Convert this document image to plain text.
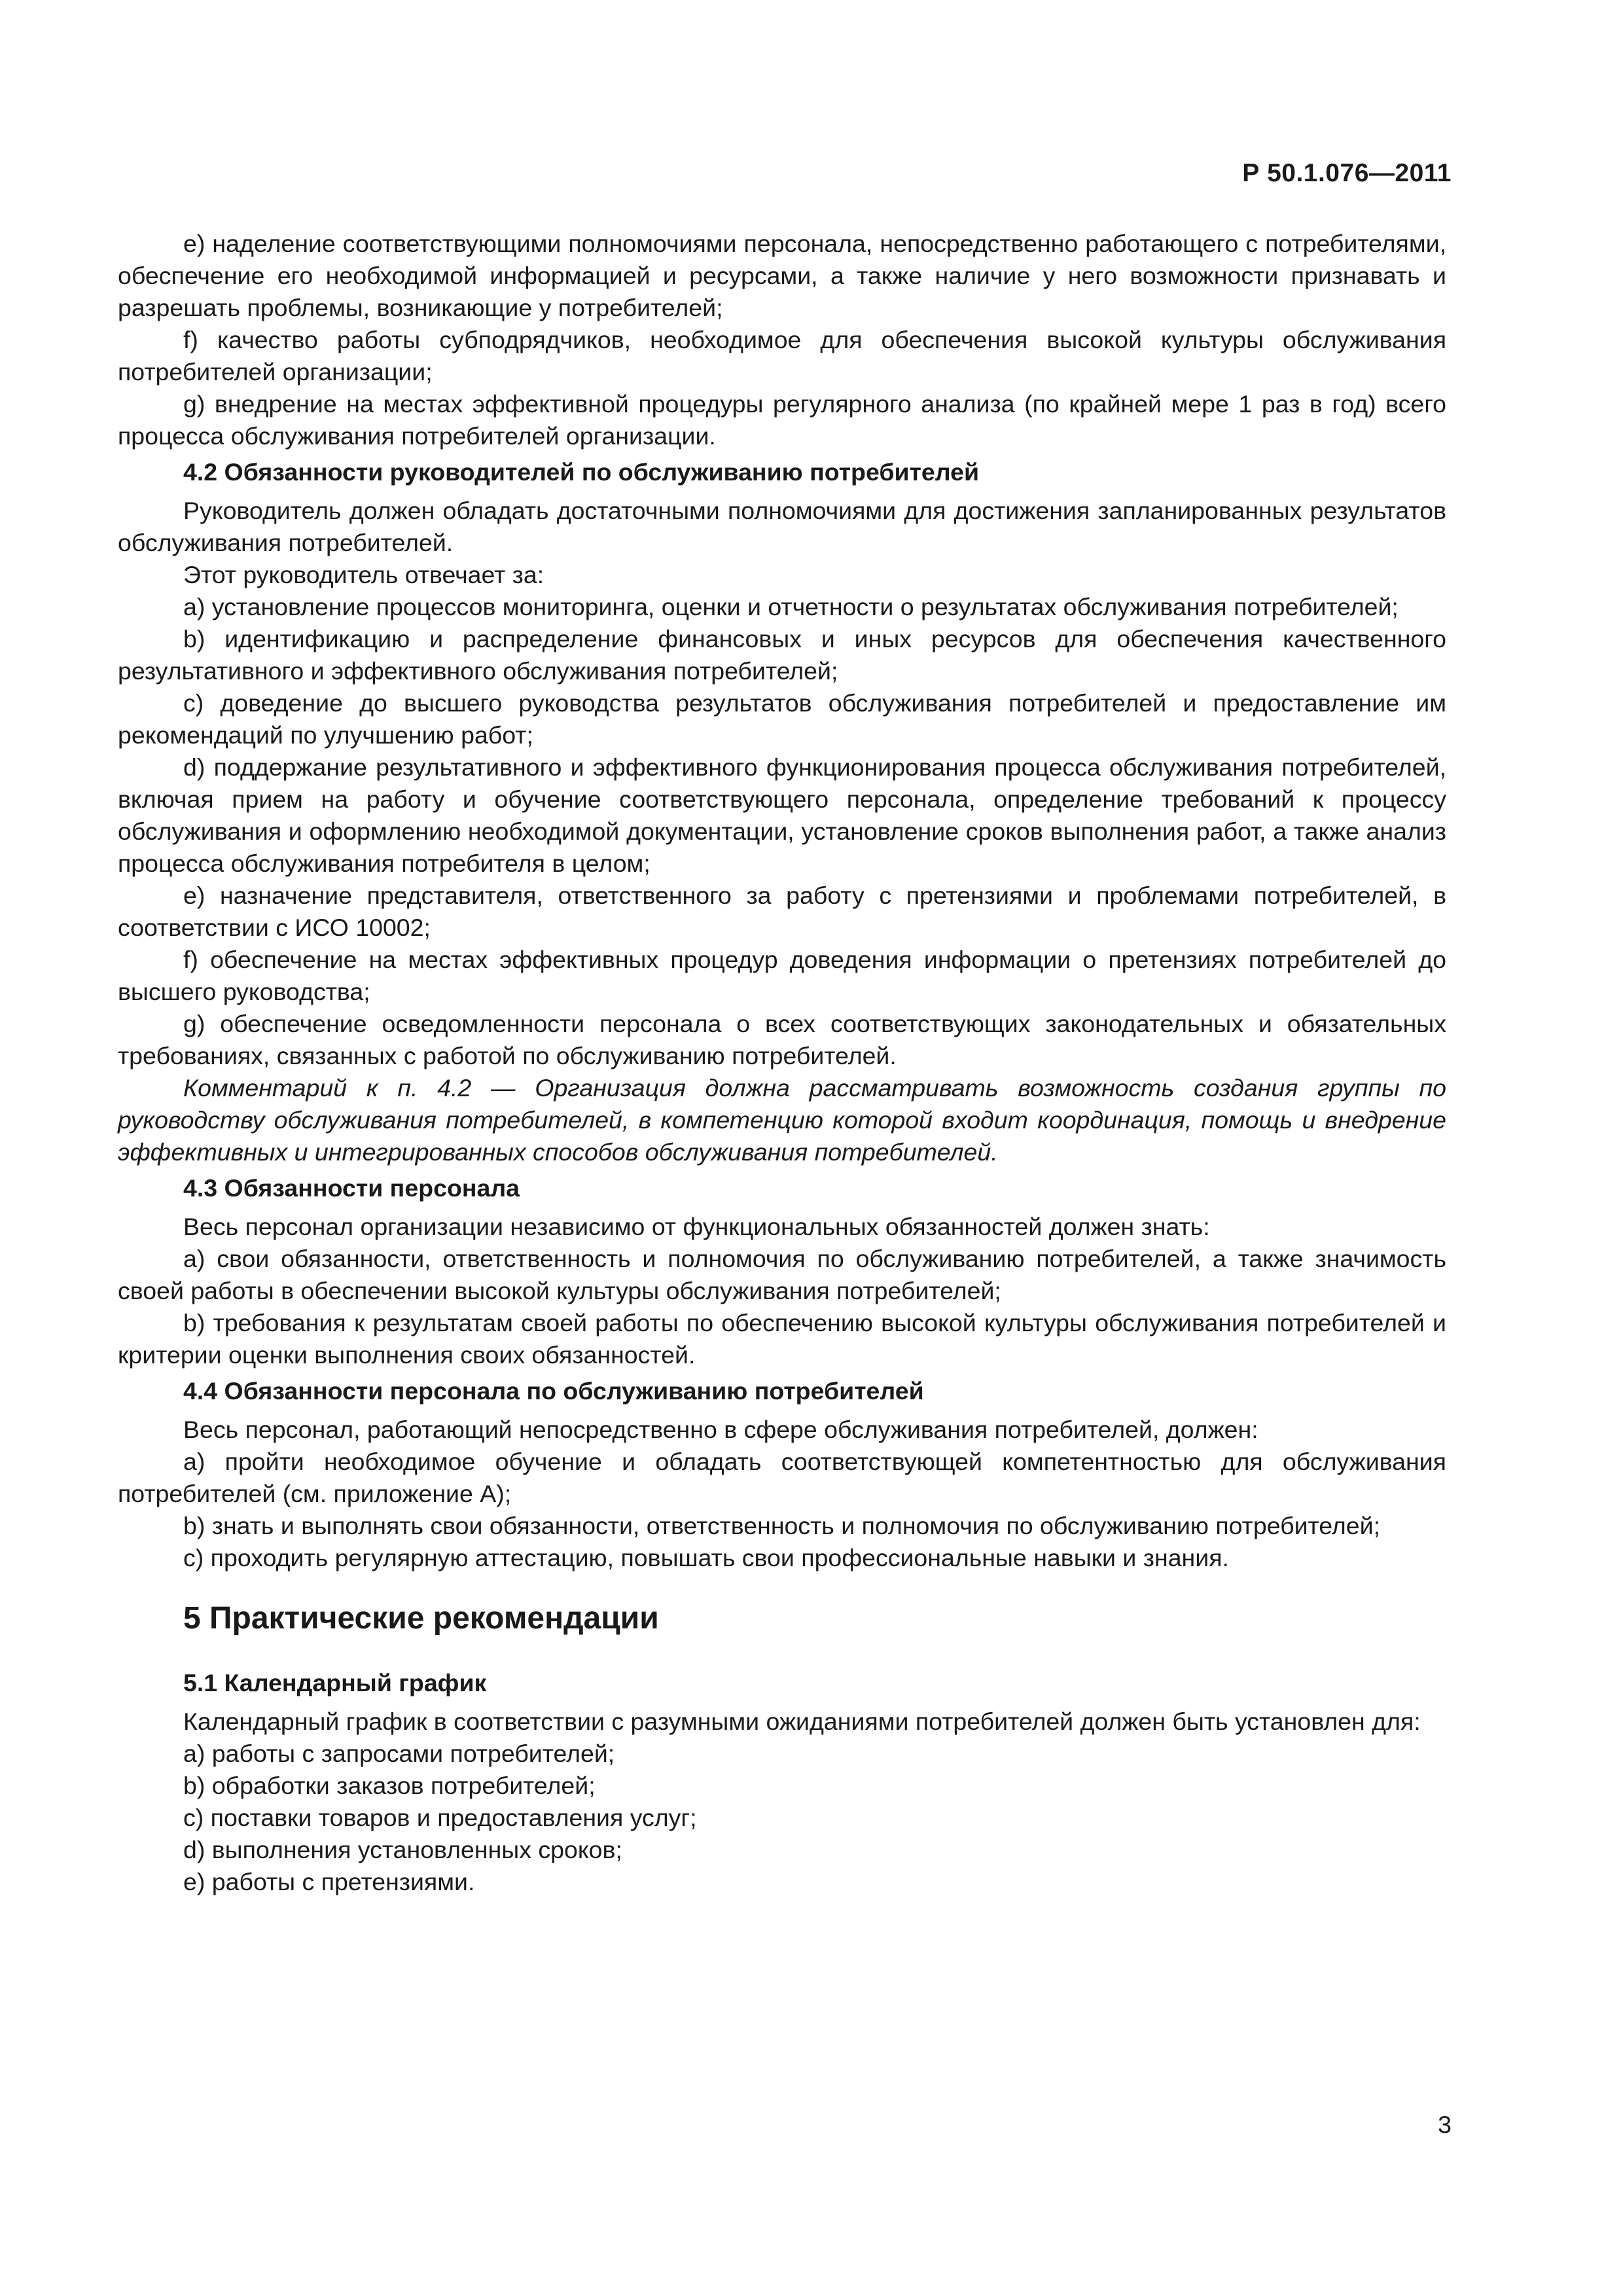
Р 50.1.076—2011

е) наделение соответствующими полномочиями персонала, непосредственно работающего с потребителями, обеспечение его необходимой информацией и ресурсами, а также наличие у него возможности признавать и разрешать проблемы, возникающие у потребителей;

f) качество работы субподрядчиков, необходимое для обеспечения высокой культуры обслуживания потребителей организации;

g) внедрение на местах эффективной процедуры регулярного анализа (по крайней мере 1 раз в год) всего процесса обслуживания потребителей организации.

4.2 Обязанности руководителей по обслуживанию потребителей

Руководитель должен обладать достаточными полномочиями для достижения запланированных результатов обслуживания потребителей.

Этот руководитель отвечает за:

а) установление процессов мониторинга, оценки и отчетности о результатах обслуживания потребителей;

b) идентификацию и распределение финансовых и иных ресурсов для обеспечения качественного результативного и эффективного обслуживания потребителей;

с) доведение до высшего руководства результатов обслуживания потребителей и предоставление им рекомендаций по улучшению работ;

d) поддержание результативного и эффективного функционирования процесса обслуживания потребителей, включая прием на работу и обучение соответствующего персонала, определение требований к процессу обслуживания и оформлению необходимой документации, установление сроков выполнения работ, а также анализ процесса обслуживания потребителя в целом;

е) назначение представителя, ответственного за работу с претензиями и проблемами потребителей, в соответствии с ИСО 10002;

f) обеспечение на местах эффективных процедур доведения информации о претензиях потребителей до высшего руководства;

g) обеспечение осведомленности персонала о всех соответствующих законодательных и обязательных требованиях, связанных с работой по обслуживанию потребителей.

Комментарий к п. 4.2 — Организация должна рассматривать возможность создания группы по руководству обслуживания потребителей, в компетенцию которой входит координация, помощь и внедрение эффективных и интегрированных способов обслуживания потребителей.

4.3 Обязанности персонала

Весь персонал организации независимо от функциональных обязанностей должен знать:

а) свои обязанности, ответственность и полномочия по обслуживанию потребителей, а также значимость своей работы в обеспечении высокой культуры обслуживания потребителей;

b) требования к результатам своей работы по обеспечению высокой культуры обслуживания потребителей и критерии оценки выполнения своих обязанностей.

4.4 Обязанности персонала по обслуживанию потребителей

Весь персонал, работающий непосредственно в сфере обслуживания потребителей, должен:

а) пройти необходимое обучение и обладать соответствующей компетентностью для обслуживания потребителей (см. приложение А);

b) знать и выполнять свои обязанности, ответственность и полномочия по обслуживанию потребителей;

с) проходить регулярную аттестацию, повышать свои профессиональные навыки и знания.

5 Практические рекомендации
5.1 Календарный график

Календарный график в соответствии с разумными ожиданиями потребителей должен быть установлен для:

а) работы с запросами потребителей;

b) обработки заказов потребителей;

с) поставки товаров и предоставления услуг;

d) выполнения установленных сроков;

е) работы с претензиями.

3
